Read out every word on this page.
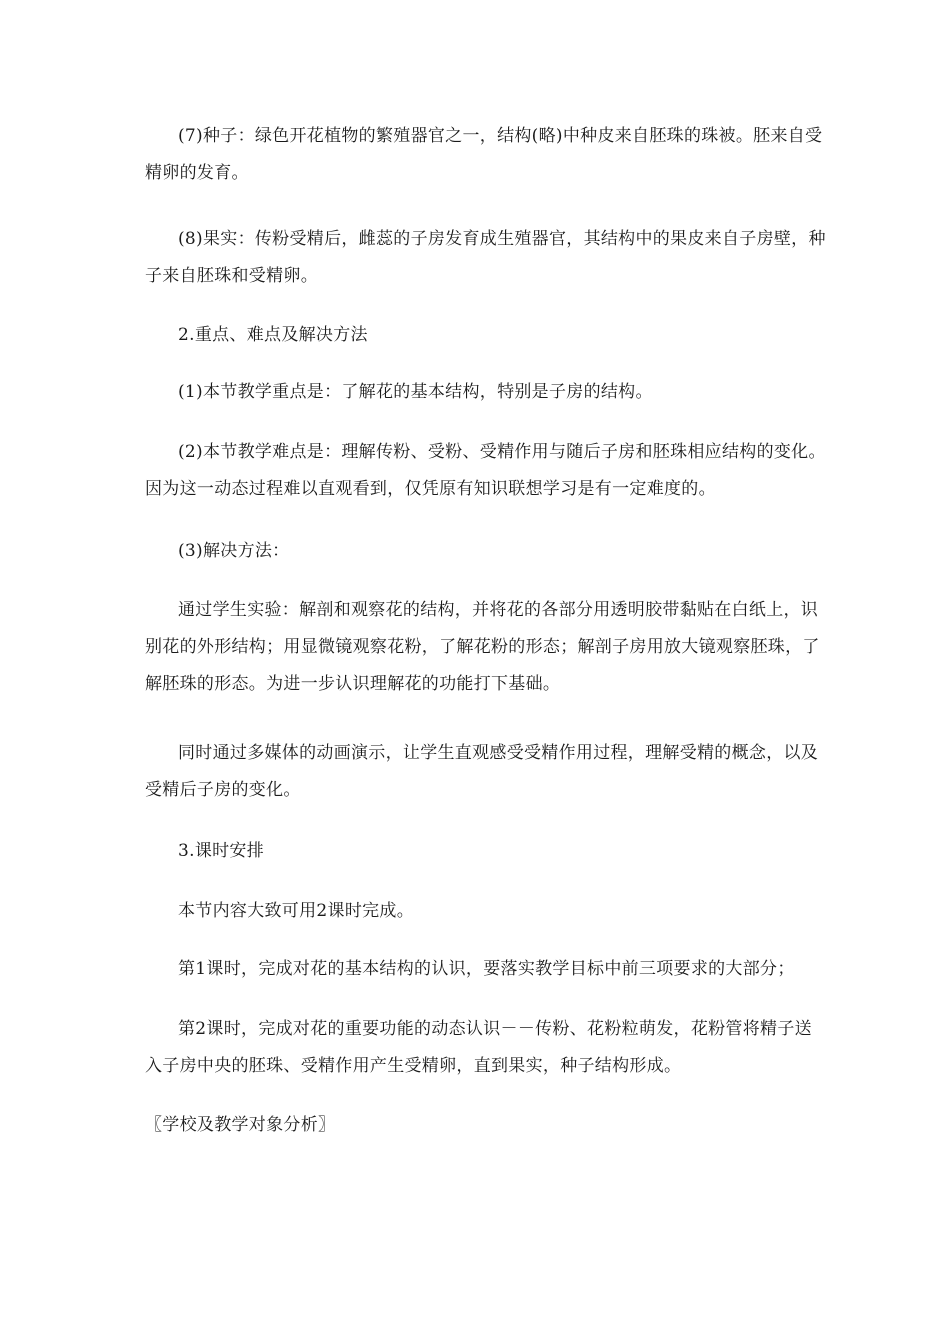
(7)种子：绿色开花植物的繁殖器官之一，结构(略)中种皮来自胚珠的珠被。胚来自受
精卵的发育。

(8)果实：传粉受精后，雌蕊的子房发育成生殖器官，其结构中的果皮来自子房壁，种
子来自胚珠和受精卵。

2.重点、难点及解决方法

(1)本节教学重点是：了解花的基本结构，特别是子房的结构。

(2)本节教学难点是：理解传粉、受粉、受精作用与随后子房和胚珠相应结构的变化。
因为这一动态过程难以直观看到，仅凭原有知识联想学习是有一定难度的。

(3)解决方法：

通过学生实验：解剖和观察花的结构，并将花的各部分用透明胶带黏贴在白纸上，识
别花的外形结构；用显微镜观察花粉，了解花粉的形态；解剖子房用放大镜观察胚珠，了
解胚珠的形态。为进一步认识理解花的功能打下基础。

同时通过多媒体的动画演示，让学生直观感受受精作用过程，理解受精的概念，以及
受精后子房的变化。

3.课时安排

本节内容大致可用2课时完成。

第1课时，完成对花的基本结构的认识，要落实教学目标中前三项要求的大部分；

第2课时，完成对花的重要功能的动态认识－－传粉、花粉粒萌发，花粉管将精子送
入子房中央的胚珠、受精作用产生受精卵，直到果实，种子结构形成。

〖学校及教学对象分析〗
